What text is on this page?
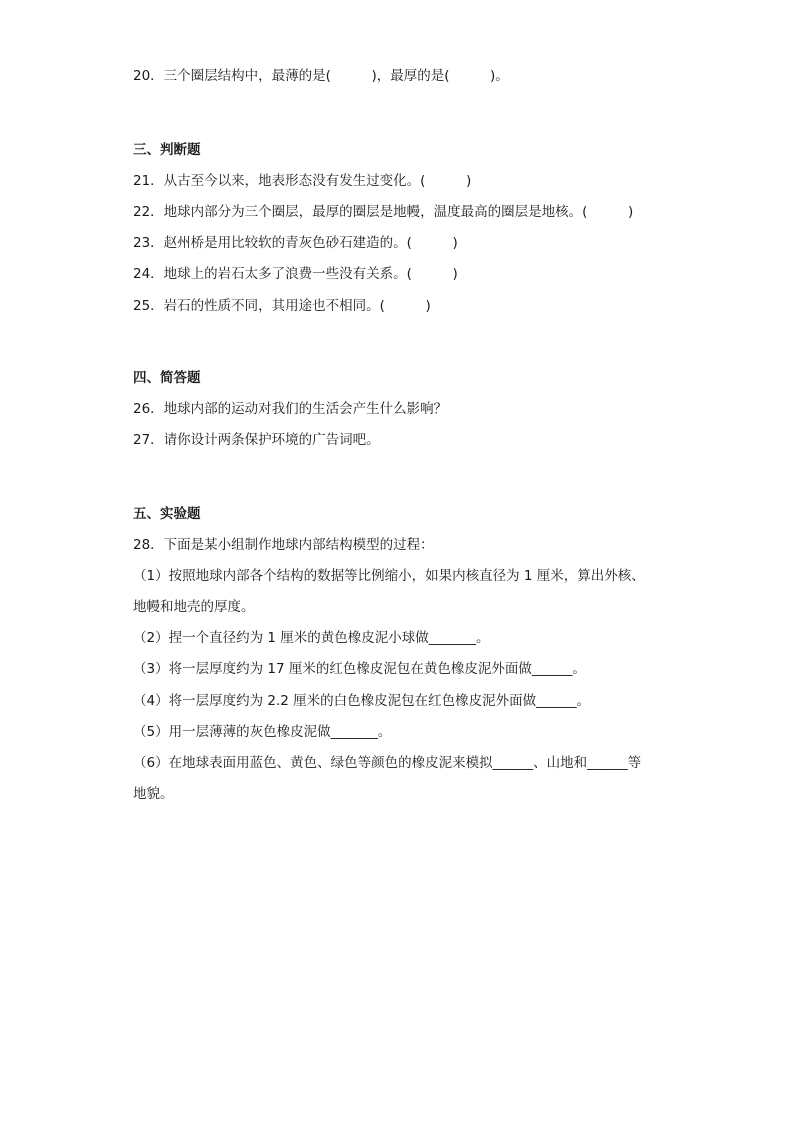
20．三个圈层结构中，最薄的是(　　　)，最厚的是(　　　)。
三、判断题
21．从古至今以来，地表形态没有发生过变化。(　　　)
22．地球内部分为三个圈层，最厚的圈层是地幔，温度最高的圈层是地核。(　　　)
23．赵州桥是用比较软的青灰色砂石建造的。(　　　)
24．地球上的岩石太多了浪费一些没有关系。(　　　)
25．岩石的性质不同，其用途也不相同。(　　　)
四、简答题
26．地球内部的运动对我们的生活会产生什么影响？
27．请你设计两条保护环境的广告词吧。
五、实验题
28．下面是某小组制作地球内部结构模型的过程：
（1）按照地球内部各个结构的数据等比例缩小，如果内核直径为 1 厘米，算出外核、
地幔和地壳的厚度。
（2）捏一个直径约为 1 厘米的黄色橡皮泥小球做_______。
（3）将一层厚度约为 17 厘米的红色橡皮泥包在黄色橡皮泥外面做______。
（4）将一层厚度约为 2.2 厘米的白色橡皮泥包在红色橡皮泥外面做______。
（5）用一层薄薄的灰色橡皮泥做_______。
（6）在地球表面用蓝色、黄色、绿色等颜色的橡皮泥来模拟______、山地和______等
地貌。
